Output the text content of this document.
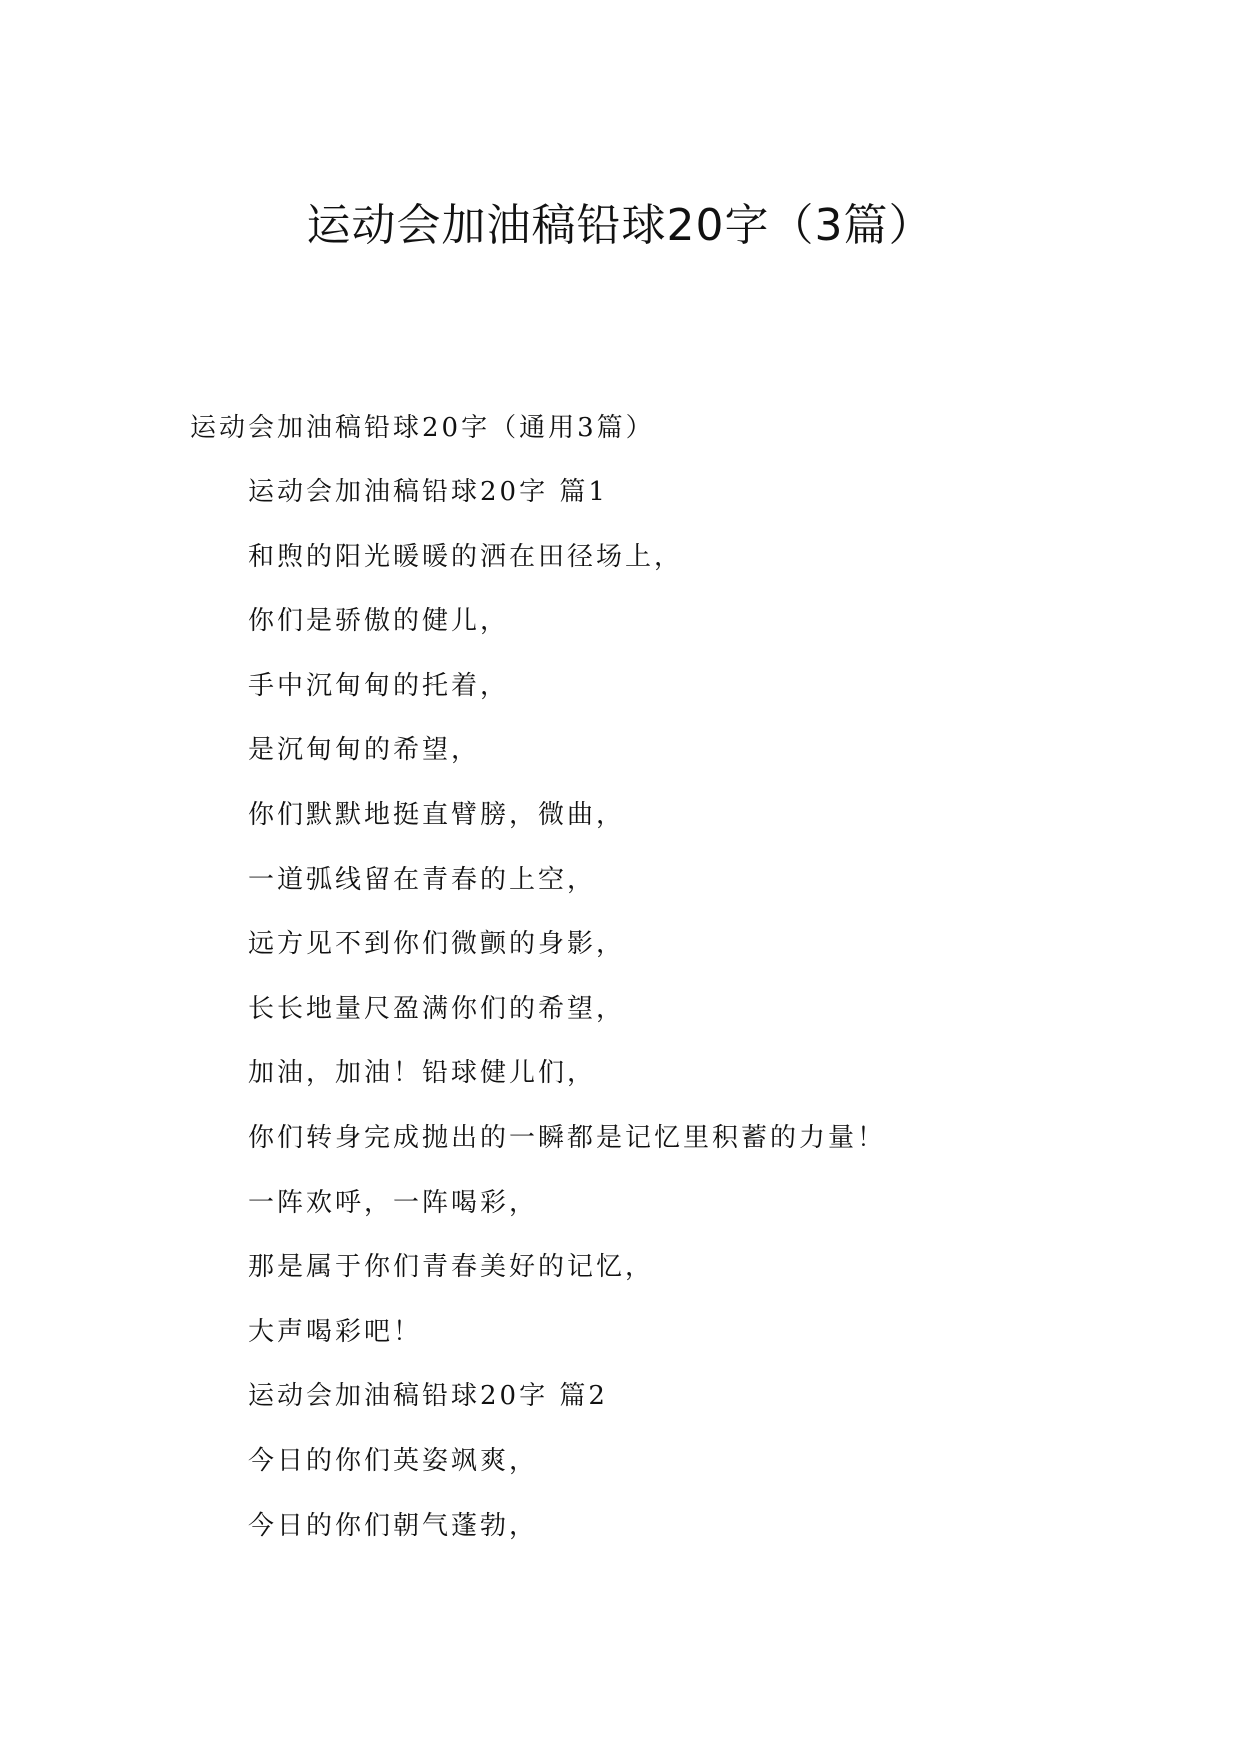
运动会加油稿铅球20字（3篇）
运动会加油稿铅球20字（通用3篇）
运动会加油稿铅球20字 篇1
和煦的阳光暖暖的洒在田径场上，
你们是骄傲的健儿，
手中沉甸甸的托着，
是沉甸甸的希望，
你们默默地挺直臂膀，微曲，
一道弧线留在青春的上空，
远方见不到你们微颤的身影，
长长地量尺盈满你们的希望，
加油，加油！铅球健儿们，
你们转身完成抛出的一瞬都是记忆里积蓄的力量！
一阵欢呼，一阵喝彩，
那是属于你们青春美好的记忆，
大声喝彩吧！
运动会加油稿铅球20字 篇2
今日的你们英姿飒爽，
今日的你们朝气蓬勃，
